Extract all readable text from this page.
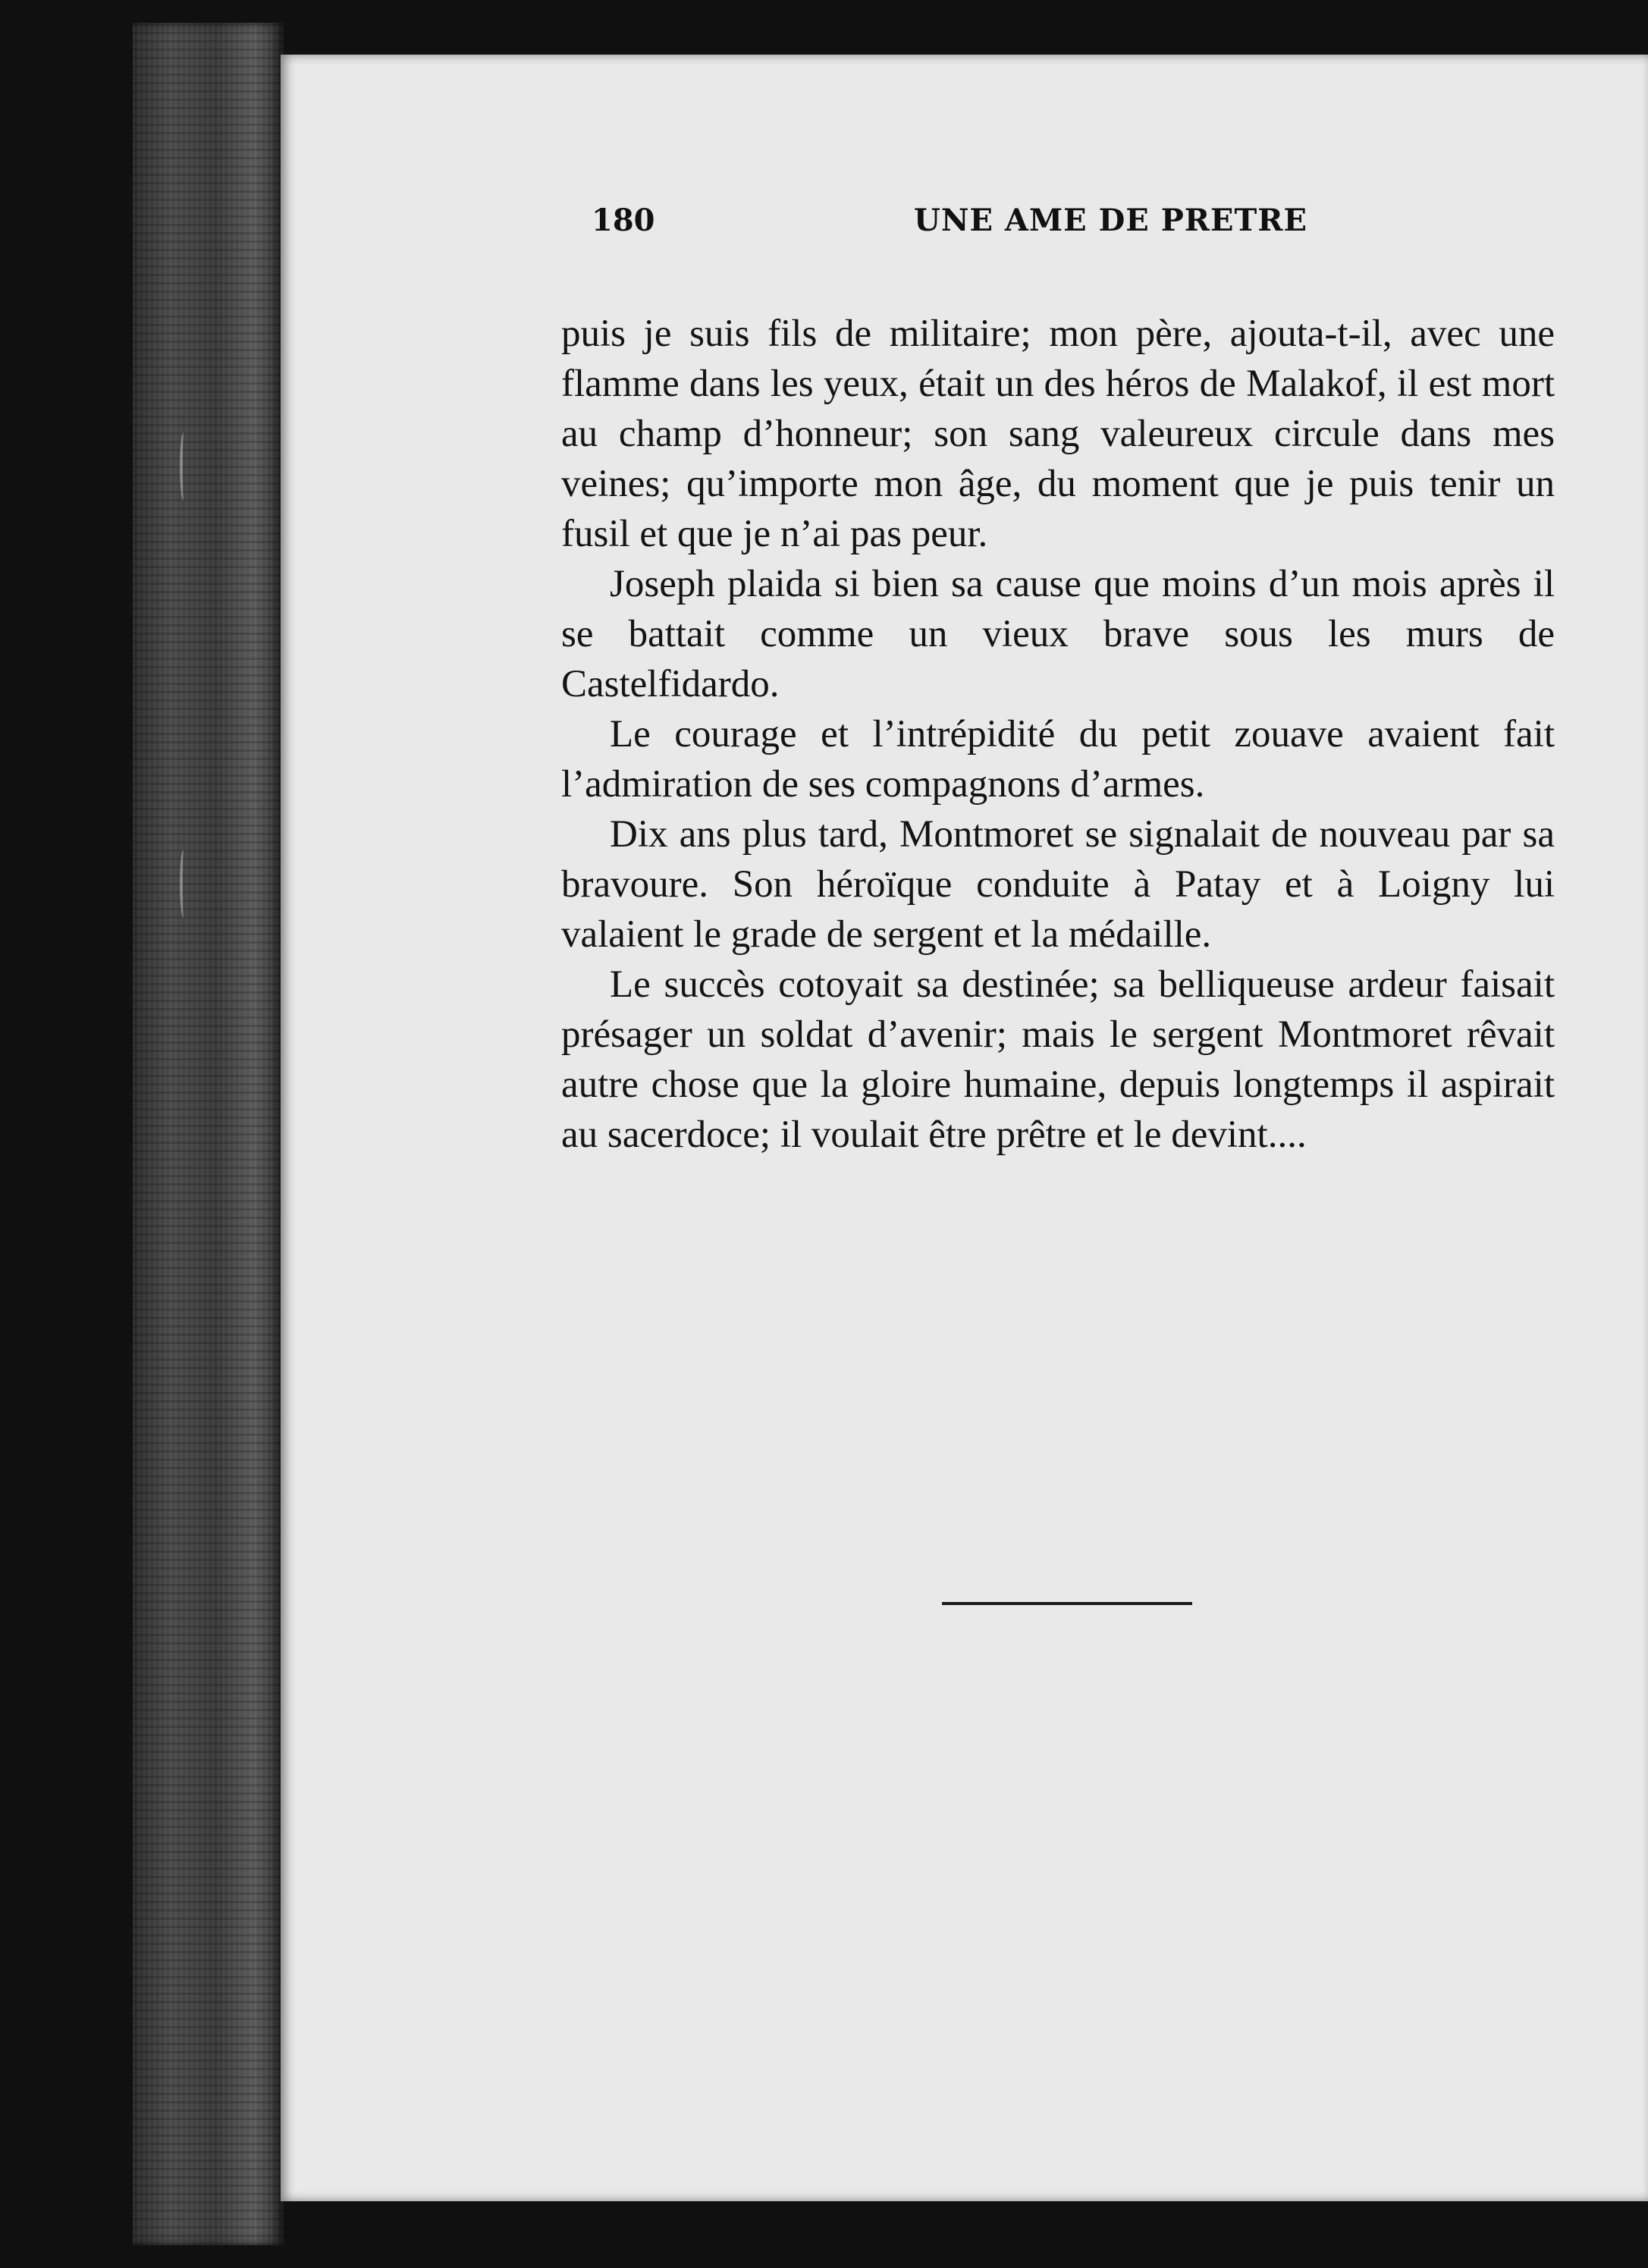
180	UNE AME DE PRETRE

puis je suis fils de militaire; mon père, ajouta-t-il, avec une flamme dans les yeux, était un des héros de Malakof, il est mort au champ d’honneur; son sang valeureux circule dans mes veines; qu’importe mon âge, du moment que je puis tenir un fusil et que je n’ai pas peur.

Joseph plaida si bien sa cause que moins d’un mois après il se battait comme un vieux brave sous les murs de Castelfidardo.

Le courage et l’intrépidité du petit zouave avaient fait l’admiration de ses compagnons d’armes.

Dix ans plus tard, Montmoret se signalait de nouveau par sa bravoure. Son héroïque conduite à Patay et à Loigny lui valaient le grade de sergent et la médaille.

Le succès cotoyait sa destinée; sa belliqueuse ardeur faisait présager un soldat d’avenir; mais le sergent Montmoret rêvait autre chose que la gloire humaine, depuis longtemps il aspirait au sacerdoce; il voulait être prêtre et le devint....
